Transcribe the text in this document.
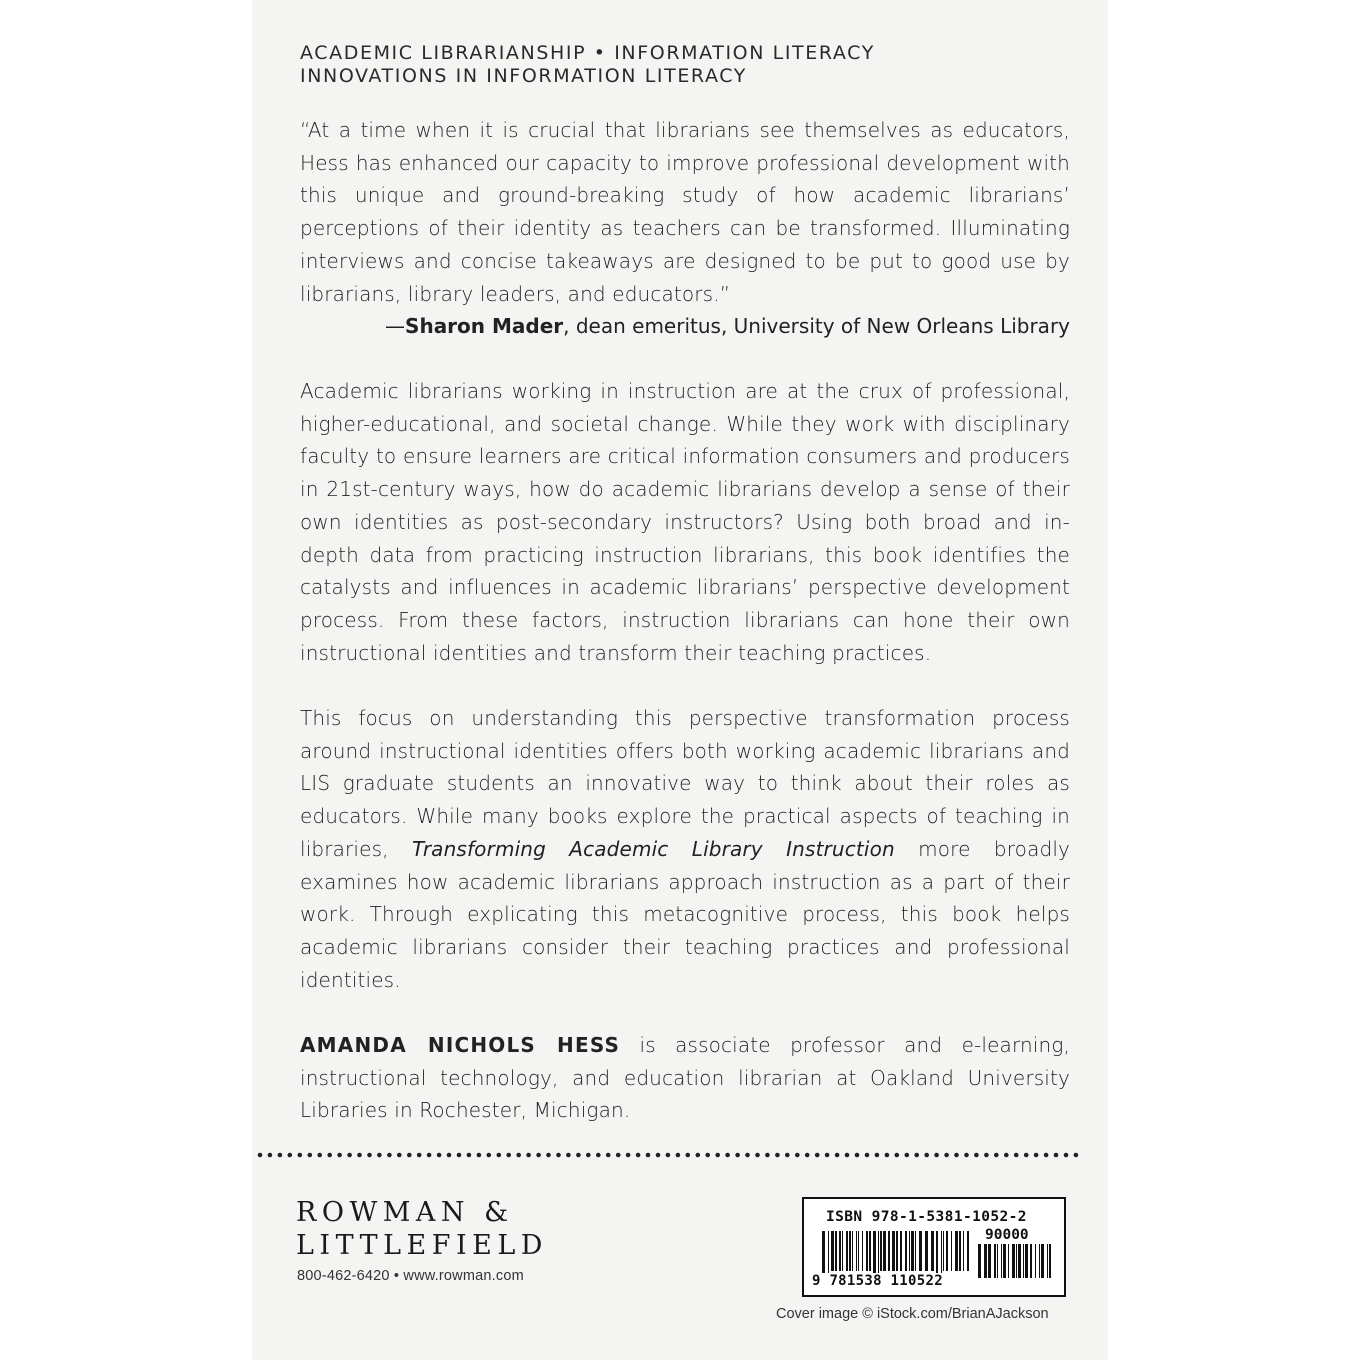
ACADEMIC LIBRARIANSHIP • INFORMATION LITERACY
INNOVATIONS IN INFORMATION LITERACY
“At a time when it is crucial that librarians see themselves as educators, Hess has enhanced our capacity to improve professional development with this unique and ground-breaking study of how academic librarians’ perceptions of their identity as teachers can be transformed. Illuminating interviews and concise takeaways are designed to be put to good use by librarians, library leaders, and educators.”
—Sharon Mader, dean emeritus, University of New Orleans Library
Academic librarians working in instruction are at the crux of professional, higher-educational, and societal change. While they work with disciplinary faculty to ensure learners are critical information consumers and producers in 21st-century ways, how do academic librarians develop a sense of their own identities as post-secondary instructors? Using both broad and in-depth data from practicing instruction librarians, this book identifies the catalysts and influences in academic librarians’ perspective development process. From these factors, instruction librarians can hone their own instructional identities and transform their teaching practices.
This focus on understanding this perspective transformation process around instructional identities offers both working academic librarians and LIS graduate students an innovative way to think about their roles as educators. While many books explore the practical aspects of teaching in libraries, Transforming Academic Library Instruction more broadly examines how academic librarians approach instruction as a part of their work. Through explicating this metacognitive process, this book helps academic librarians consider their teaching practices and professional identities.
AMANDA NICHOLS HESS is associate professor and e-learning, instructional technology, and education librarian at Oakland University Libraries in Rochester, Michigan.
ROWMAN &
LITTLEFIELD
800-462-6420 • www.rowman.com
ISBN 978-1-5381-1052-2
90000
9 781538 110522
Cover image © iStock.com/BrianAJackson
